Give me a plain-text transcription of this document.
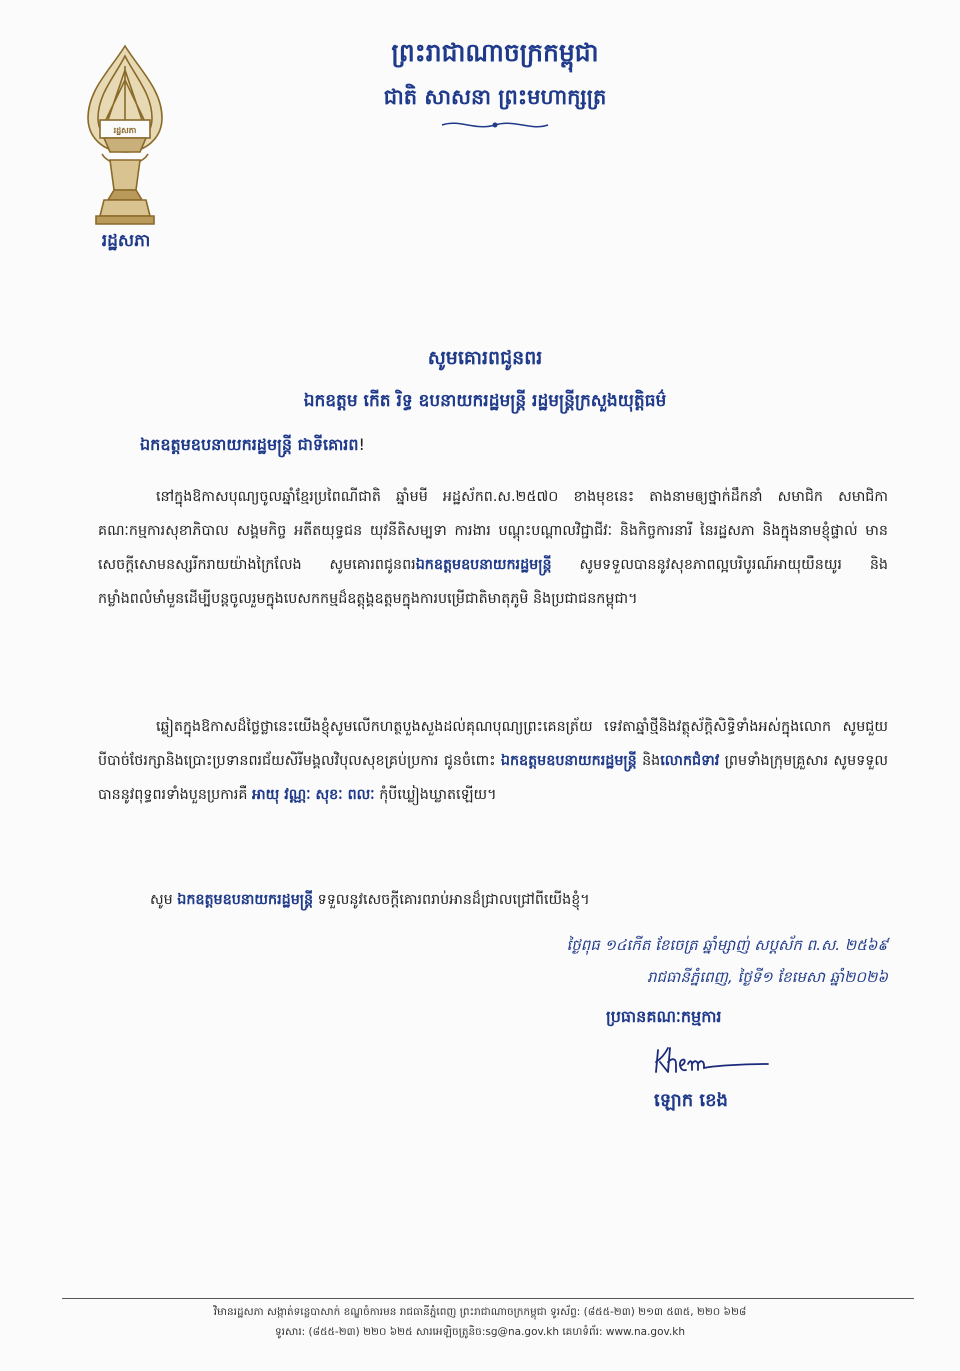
រដ្ឋសភា
រដ្ឋសភា
ព្រះរាជាណាចក្រកម្ពុជា
ជាតិ សាសនា ព្រះមហាក្សត្រ
សូមគោរពជូនពរ
ឯកឧត្តម កើត រិទ្ធ ឧបនាយករដ្ឋមន្ត្រី រដ្ឋមន្ត្រីក្រសួងយុត្តិធម៌
ឯកឧត្តមឧបនាយករដ្ឋមន្ត្រី ជាទីគោរព!
នៅក្នុងឱកាសបុណ្យចូលឆ្នាំខ្មែរប្រពៃណីជាតិ ឆ្នាំមមី អដ្ឋស័កព.ស.២៥៧០ ខាងមុខនេះ តាងនាមឲ្យថ្នាក់ដឹកនាំ សមាជិក សមាជិកាគណៈកម្មការសុខាភិបាល សង្គមកិច្ច អតីតយុទ្ធជន យុវនីតិសម្បទា ការងារ បណ្តុះបណ្តាលវិជ្ជាជីវៈ និងកិច្ចការនារី នៃរដ្ឋសភា និងក្នុងនាមខ្ញុំផ្ទាល់ មានសេចក្តីសោមនស្សរីករាយយ៉ាងក្រៃលែង សូមគោរពជូនពរឯកឧត្តមឧបនាយករដ្ឋមន្ត្រី សូមទទួលបាននូវសុខភាពល្អបរិបូរណ៍អាយុយឺនយូរ និងកម្លាំងពលំមាំមួនដើម្បីបន្តចូលរួមក្នុងបេសកកម្មដ៏ឧត្តុង្គឧត្តមក្នុងការបម្រើជាតិមាតុភូមិ និងប្រជាជនកម្ពុជា។
ឆ្លៀតក្នុងឱកាសដ៏ថ្លៃថ្លានេះយើងខ្ញុំសូមលើកហត្ថបួងសួងដល់គុណបុណ្យព្រះគេនត្រ័យ ទេវតាឆ្នាំថ្មីនិងវត្ថុស័ក្តិសិទ្ធិទាំងអស់ក្នុងលោក សូមជួយបីបាច់ថែរក្សានិងប្រោះប្រទានពរជ័យសិរីមង្គលវិបុលសុខគ្រប់ប្រការ ជូនចំពោះ ឯកឧត្តមឧបនាយករដ្ឋមន្ត្រី និងលោកជំទាវ ព្រមទាំងក្រុមគ្រួសារ សូមទទួលបាននូវពុទ្ធពរទាំងបួនប្រការគឺ អាយុ វណ្ណៈ សុខៈ ពលៈ កុំបីឃ្លៀងឃ្លាតឡើយ។
សូម ឯកឧត្តមឧបនាយករដ្ឋមន្ត្រី ទទួលនូវសេចក្តីគោរពរាប់អានដ៏ជ្រាលជ្រៅពីយើងខ្ញុំ។
ថ្ងៃពុធ ១៤កើត ខែចេត្រ ឆ្នាំម្សាញ់ សប្តស័ក ព.ស. ២៥៦៩
រាជធានីភ្នំពេញ, ថ្ងៃទី១ ខែមេសា ឆ្នាំ២០២៦
ប្រធានគណៈកម្មការ
ឡោក ខេង
វិមានរដ្ឋសភា សង្កាត់ទន្លេបាសាក់ ខណ្ឌចំការមន រាជធានីភ្នំពេញ ព្រះរាជាណាចក្រកម្ពុជា ទូរស័ព្ទ: (៨៥៥-២៣) ២១៣ ៥៣៥, ២២០ ៦២៨
ទូរសារ: (៨៥៥-២៣) ២២០ ៦២៥ សារអេឡិចត្រូនិច:sg@na.gov.kh គេហទំព័រ: www.na.gov.kh
